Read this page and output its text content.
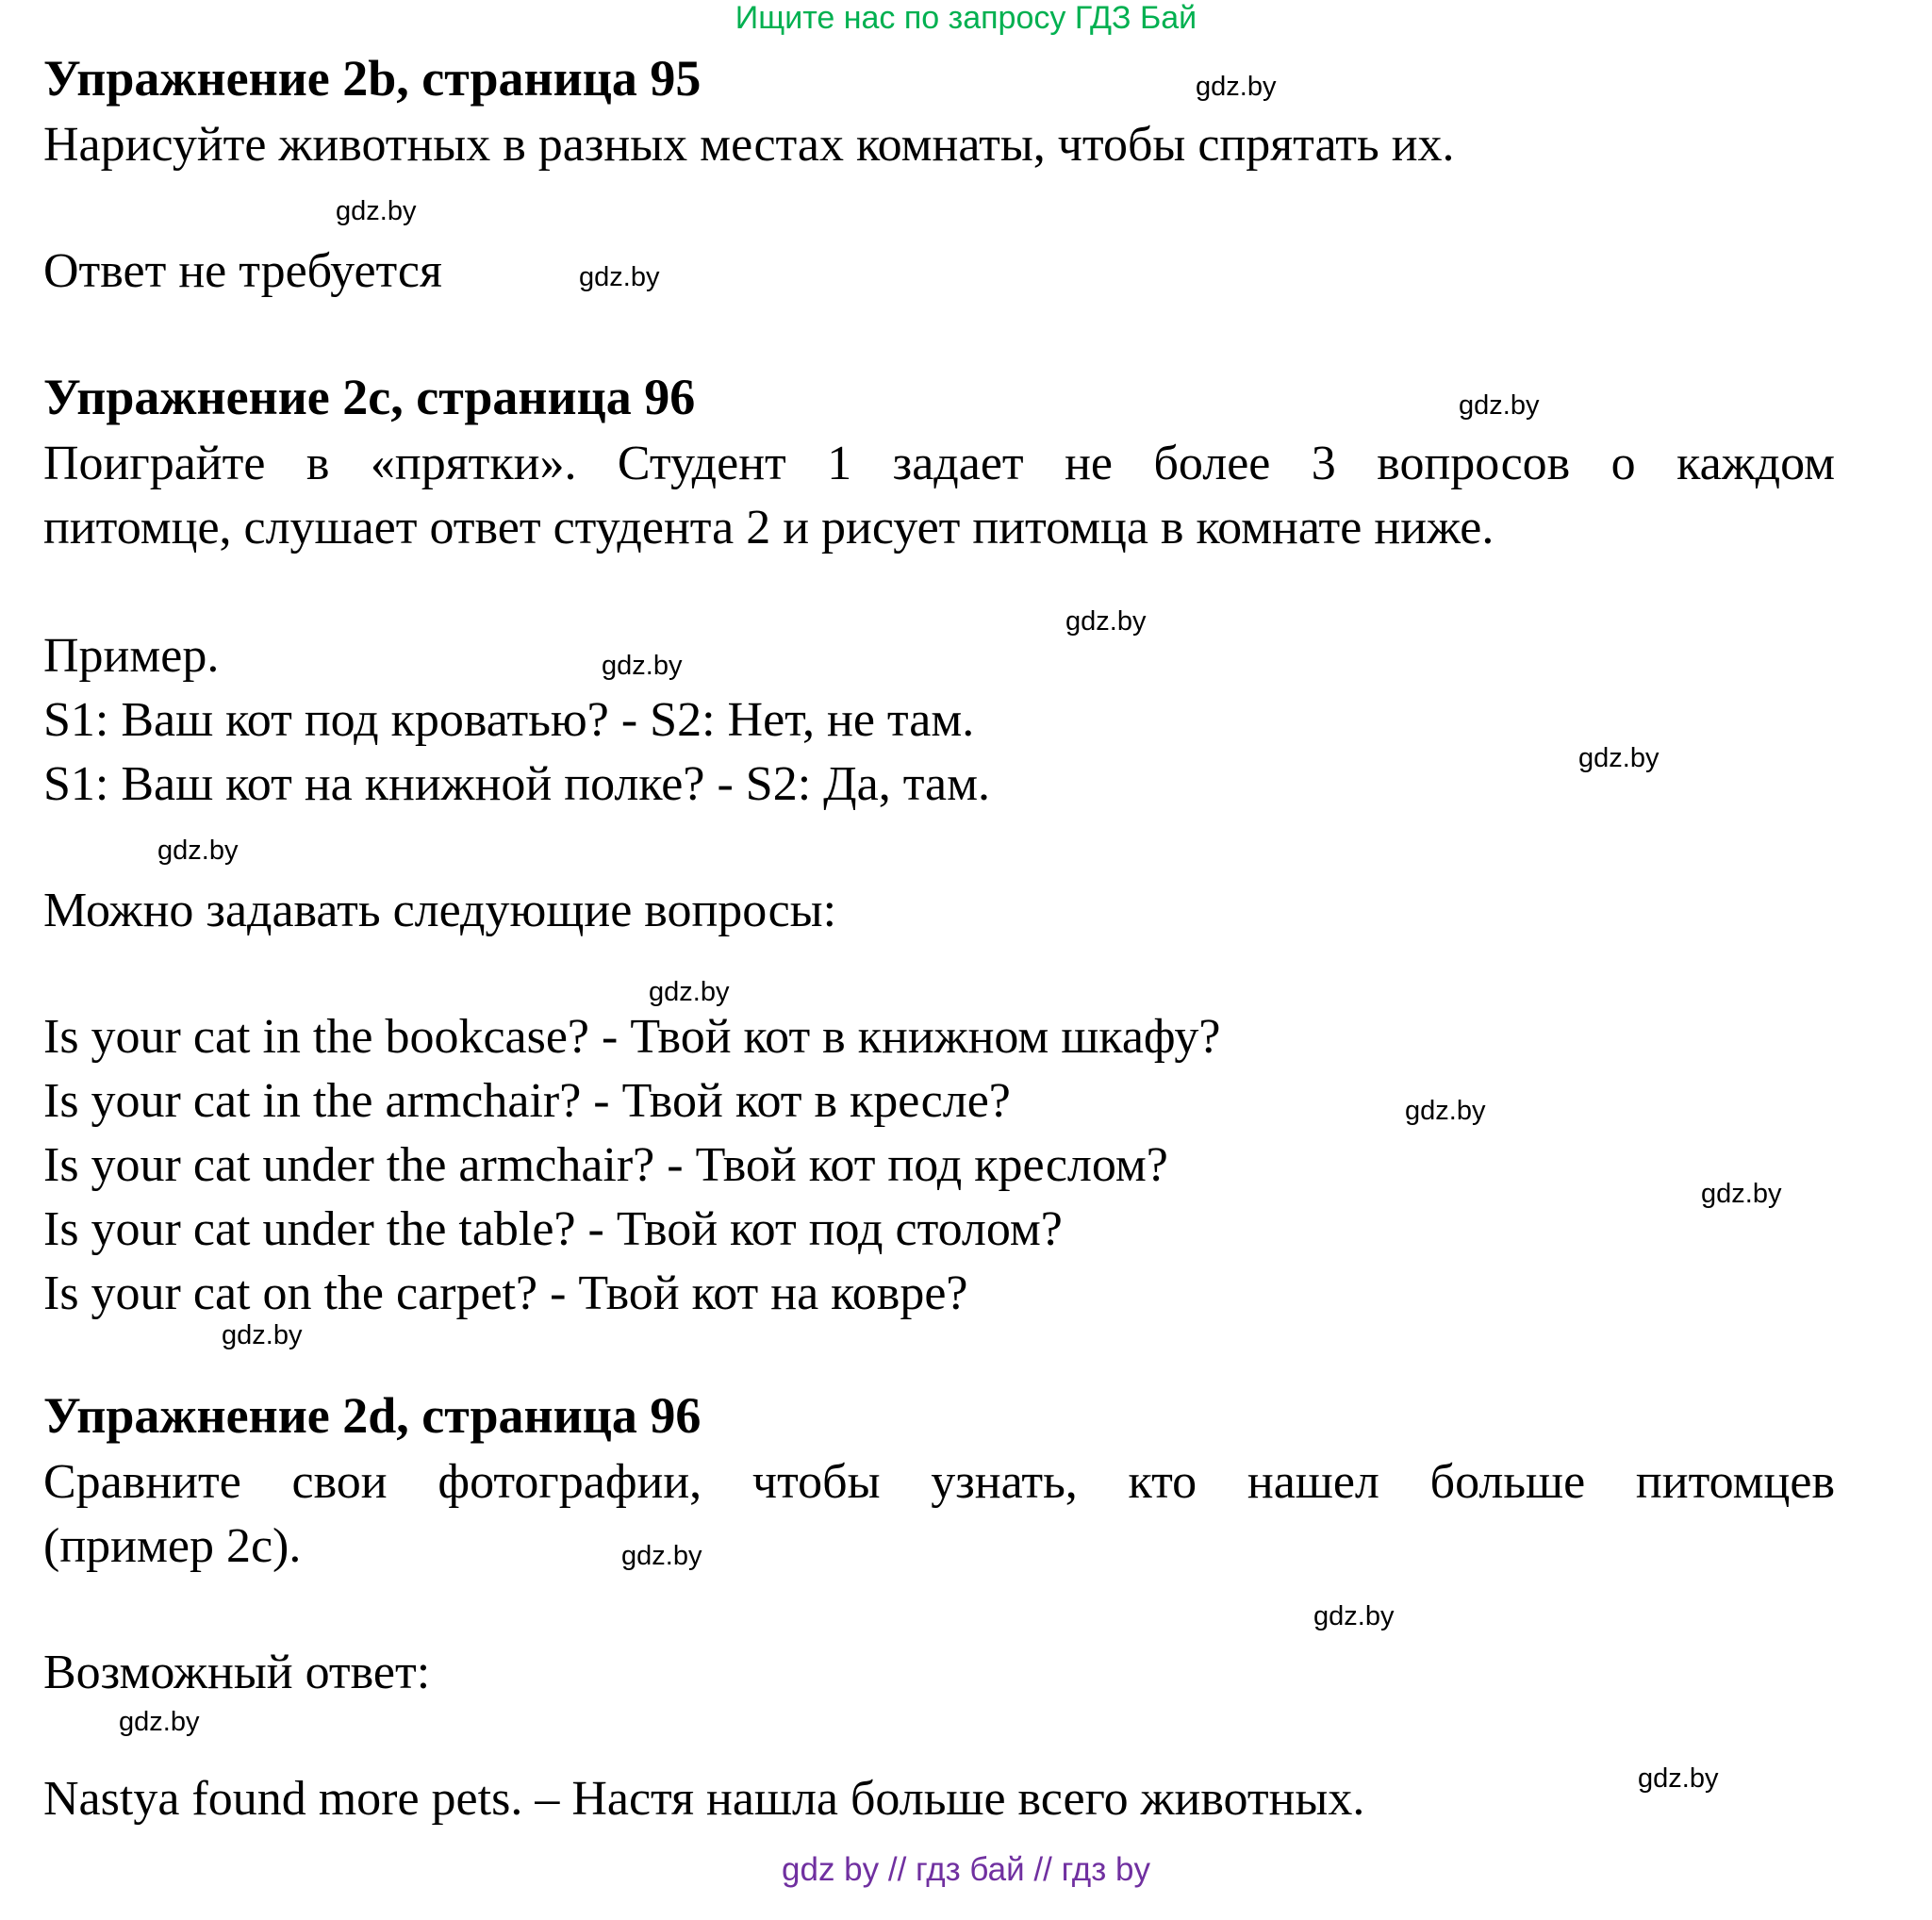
Ищите нас по запросу ГДЗ Бай
Упражнение 2b, страница 95	gdz.by
Нарисуйте животных в разных местах комнаты, чтобы спрятать их.
gdz.by
Ответ не требуется	gdz.by
Упражнение 2c, страница 96	gdz.by
Поиграйте в «прятки». Студент 1 задает не более 3 вопросов о каждом
питомце, слушает ответ студента 2 и рисует питомца в комнате ниже.
gdz.by
Пример.	gdz.by
S1: Ваш кот под кроватью? - S2: Нет, не там.
gdz.by
S1: Ваш кот на книжной полке? - S2: Да, там.
gdz.by
Можно задавать следующие вопросы:
gdz.by
Is your cat in the bookcase? - Твой кот в книжном шкафу?
Is your cat in the armchair? - Твой кот в кресле?	gdz.by
Is your cat under the armchair? - Твой кот под креслом?
gdz.by
Is your cat under the table? - Твой кот под столом?
Is your cat on the carpet? - Твой кот на ковре?
gdz.by
Упражнение 2d, страница 96
Сравните свои фотографии, чтобы узнать, кто нашел больше питомцев
(пример 2c).	gdz.by
gdz.by
Возможный ответ:
gdz.by
gdz.by
Nastya found more pets. – Настя нашла больше всего животных.
gdz by // гдз бай // гдз by
